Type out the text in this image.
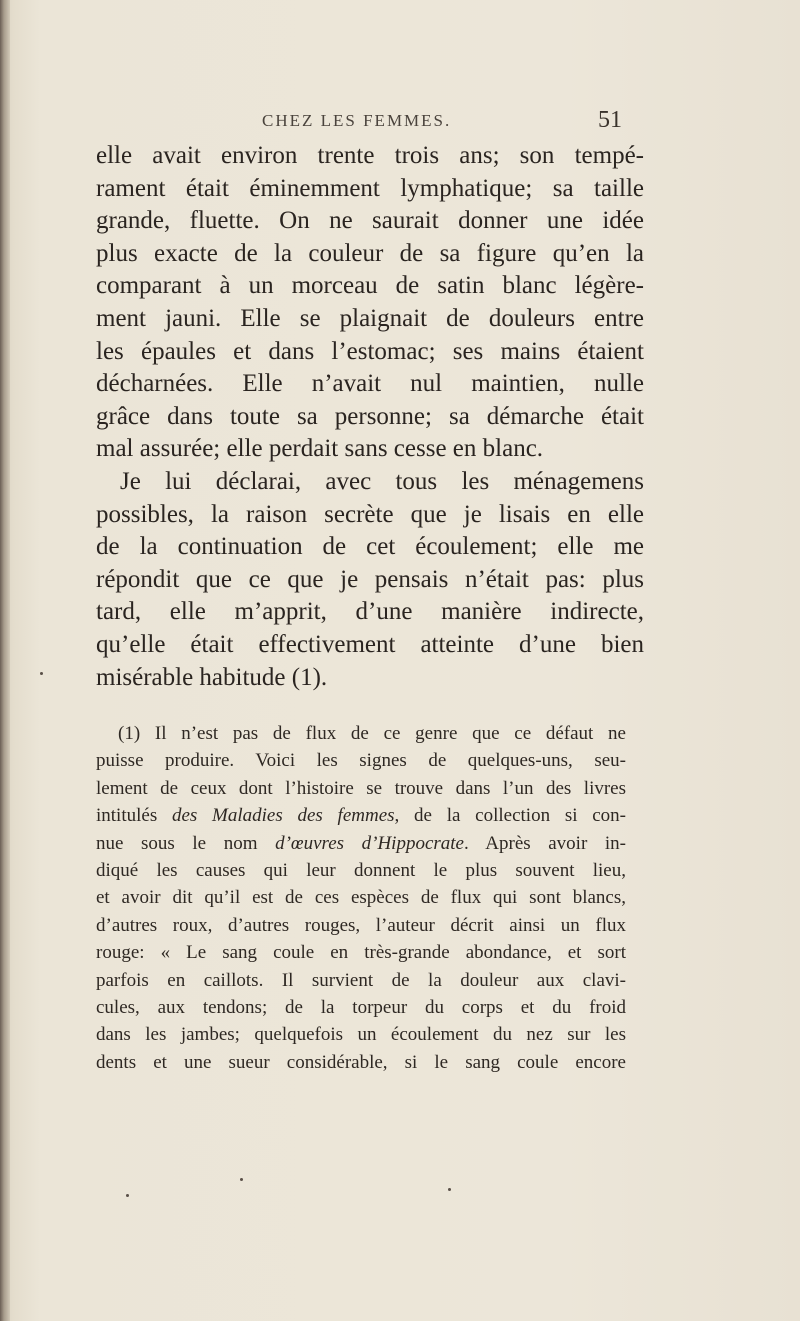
CHEZ LES FEMMES.	51
elle avait environ trente trois ans; son tempé-
rament était éminemment lymphatique; sa taille
grande, fluette. On ne saurait donner une idée
plus exacte de la couleur de sa figure qu’en la
comparant à un morceau de satin blanc légère-
ment jauni. Elle se plaignait de douleurs entre
les épaules et dans l’estomac; ses mains étaient
décharnées. Elle n’avait nul maintien, nulle
grâce dans toute sa personne; sa démarche était
mal assurée; elle perdait sans cesse en blanc.
Je lui déclarai, avec tous les ménagemens
possibles, la raison secrète que je lisais en elle
de la continuation de cet écoulement; elle me
répondit que ce que je pensais n’était pas: plus
tard, elle m’apprit, d’une manière indirecte,
qu’elle était effectivement atteinte d’une bien
misérable habitude (1).
(1) Il n’est pas de flux de ce genre que ce défaut ne
puisse produire. Voici les signes de quelques-uns, seu-
lement de ceux dont l’histoire se trouve dans l’un des livres
intitulés des Maladies des femmes, de la collection si con-
nue sous le nom d’œuvres d’Hippocrate. Après avoir in-
diqué les causes qui leur donnent le plus souvent lieu,
et avoir dit qu’il est de ces espèces de flux qui sont blancs,
d’autres roux, d’autres rouges, l’auteur décrit ainsi un flux
rouge: « Le sang coule en très-grande abondance, et sort
parfois en caillots. Il survient de la douleur aux clavi-
cules, aux tendons; de la torpeur du corps et du froid
dans les jambes; quelquefois un écoulement du nez sur les
dents et une sueur considérable, si le sang coule encore
